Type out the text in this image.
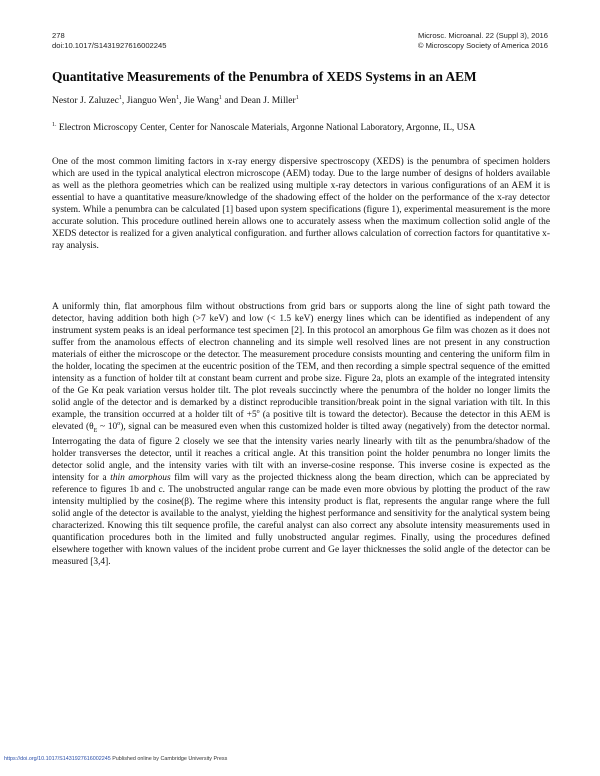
278
doi:10.1017/S1431927616002245
Microsc. Microanal. 22 (Suppl 3), 2016
© Microscopy Society of America 2016
Quantitative Measurements of the Penumbra of XEDS Systems in an AEM
Nestor J. Zaluzec$^1$, Jianguo Wen$^1$, Jie Wang$^1$ and Dean J. Miller$^1$
$^{1.}$ Electron Microscopy Center, Center for Nanoscale Materials, Argonne National Laboratory, Argonne, IL, USA

One of the most common limiting factors in x-ray energy dispersive spectroscopy (XEDS) is the penumbra of specimen holders which are used in the typical analytical electron microscope (AEM) today. Due to the large number of designs of holders available as well as the plethora geometries which can be realized using multiple x-ray detectors in various configurations of an AEM it is essential to have a quantitative measure/knowledge of the shadowing effect of the holder on the performance of the x-ray detector system. While a penumbra can be calculated [1] based upon system specifications (figure 1), experimental measurement is the more accurate solution. This procedure outlined herein allows one to accurately assess when the maximum collection solid angle of the XEDS detector is realized for a given analytical configuration. and further allows calculation of correction factors for quantitative x-ray analysis.

A uniformly thin, flat amorphous film without obstructions from grid bars or supports along the line of sight path toward the detector, having addition both high (>7 keV) and low (< 1.5 keV) energy lines which can be identified as independent of any instrument system peaks is an ideal performance test specimen [2]. In this protocol an amorphous Ge film was chozen as it does not suffer from the anamolous effects of electron channeling and its simple well resolved lines are not present in any construction materials of either the microscope or the detector. The measurement procedure consists mounting and centering the uniform film in the holder, locating the specimen at the eucentric position of the TEM, and then recording a simple spectral sequence of the emitted intensity as a function of holder tilt at constant beam current and probe size. Figure 2a, plots an example of the integrated intensity of the Ge Kα peak variation versus holder tilt. The plot reveals succinctly where the penumbra of the holder no longer limits the solid angle of the detector and is demarked by a distinct reproducible transition/break point in the signal variation with tilt. In this example, the transition occurred at a holder tilt of $+5^o$ (a positive tilt is toward the detector). Because the detector in this AEM is elevated ($\theta_E$ ~ 10$^o$), signal can be measured even when this customized holder is tilted away (negatively) from the detector normal. Interrogating the data of figure 2 closely we see that the intensity varies nearly linearly with tilt as the penumbra/shadow of the holder transverses the detector, until it reaches a critical angle. At this transition point the holder penumbra no longer limits the detector solid angle, and the intensity varies with tilt with an inverse-cosine response. This inverse cosine is expected as the intensity for a thin amorphous film will vary as the projected thickness along the beam direction, which can be appreciated by reference to figures 1b and c. The unobstructed angular range can be made even more obvious by plotting the product of the raw intensity multiplied by the cosine(β). The regime where this intensity product is flat, represents the angular range where the full solid angle of the detector is available to the analyst, yielding the highest performance and sensitivity for the analytical system being characterized. Knowing this tilt sequence profile, the careful analyst can also correct any absolute intensity measurements used in quantification procedures both in the limited and fully unobstructed angular regimes. Finally, using the procedures defined elsewhere together with known values of the incident probe current and Ge layer thicknesses the solid angle of the detector can be measured [3,4].

https://doi.org/10.1017/S1431927616002245 Published online by Cambridge University Press
